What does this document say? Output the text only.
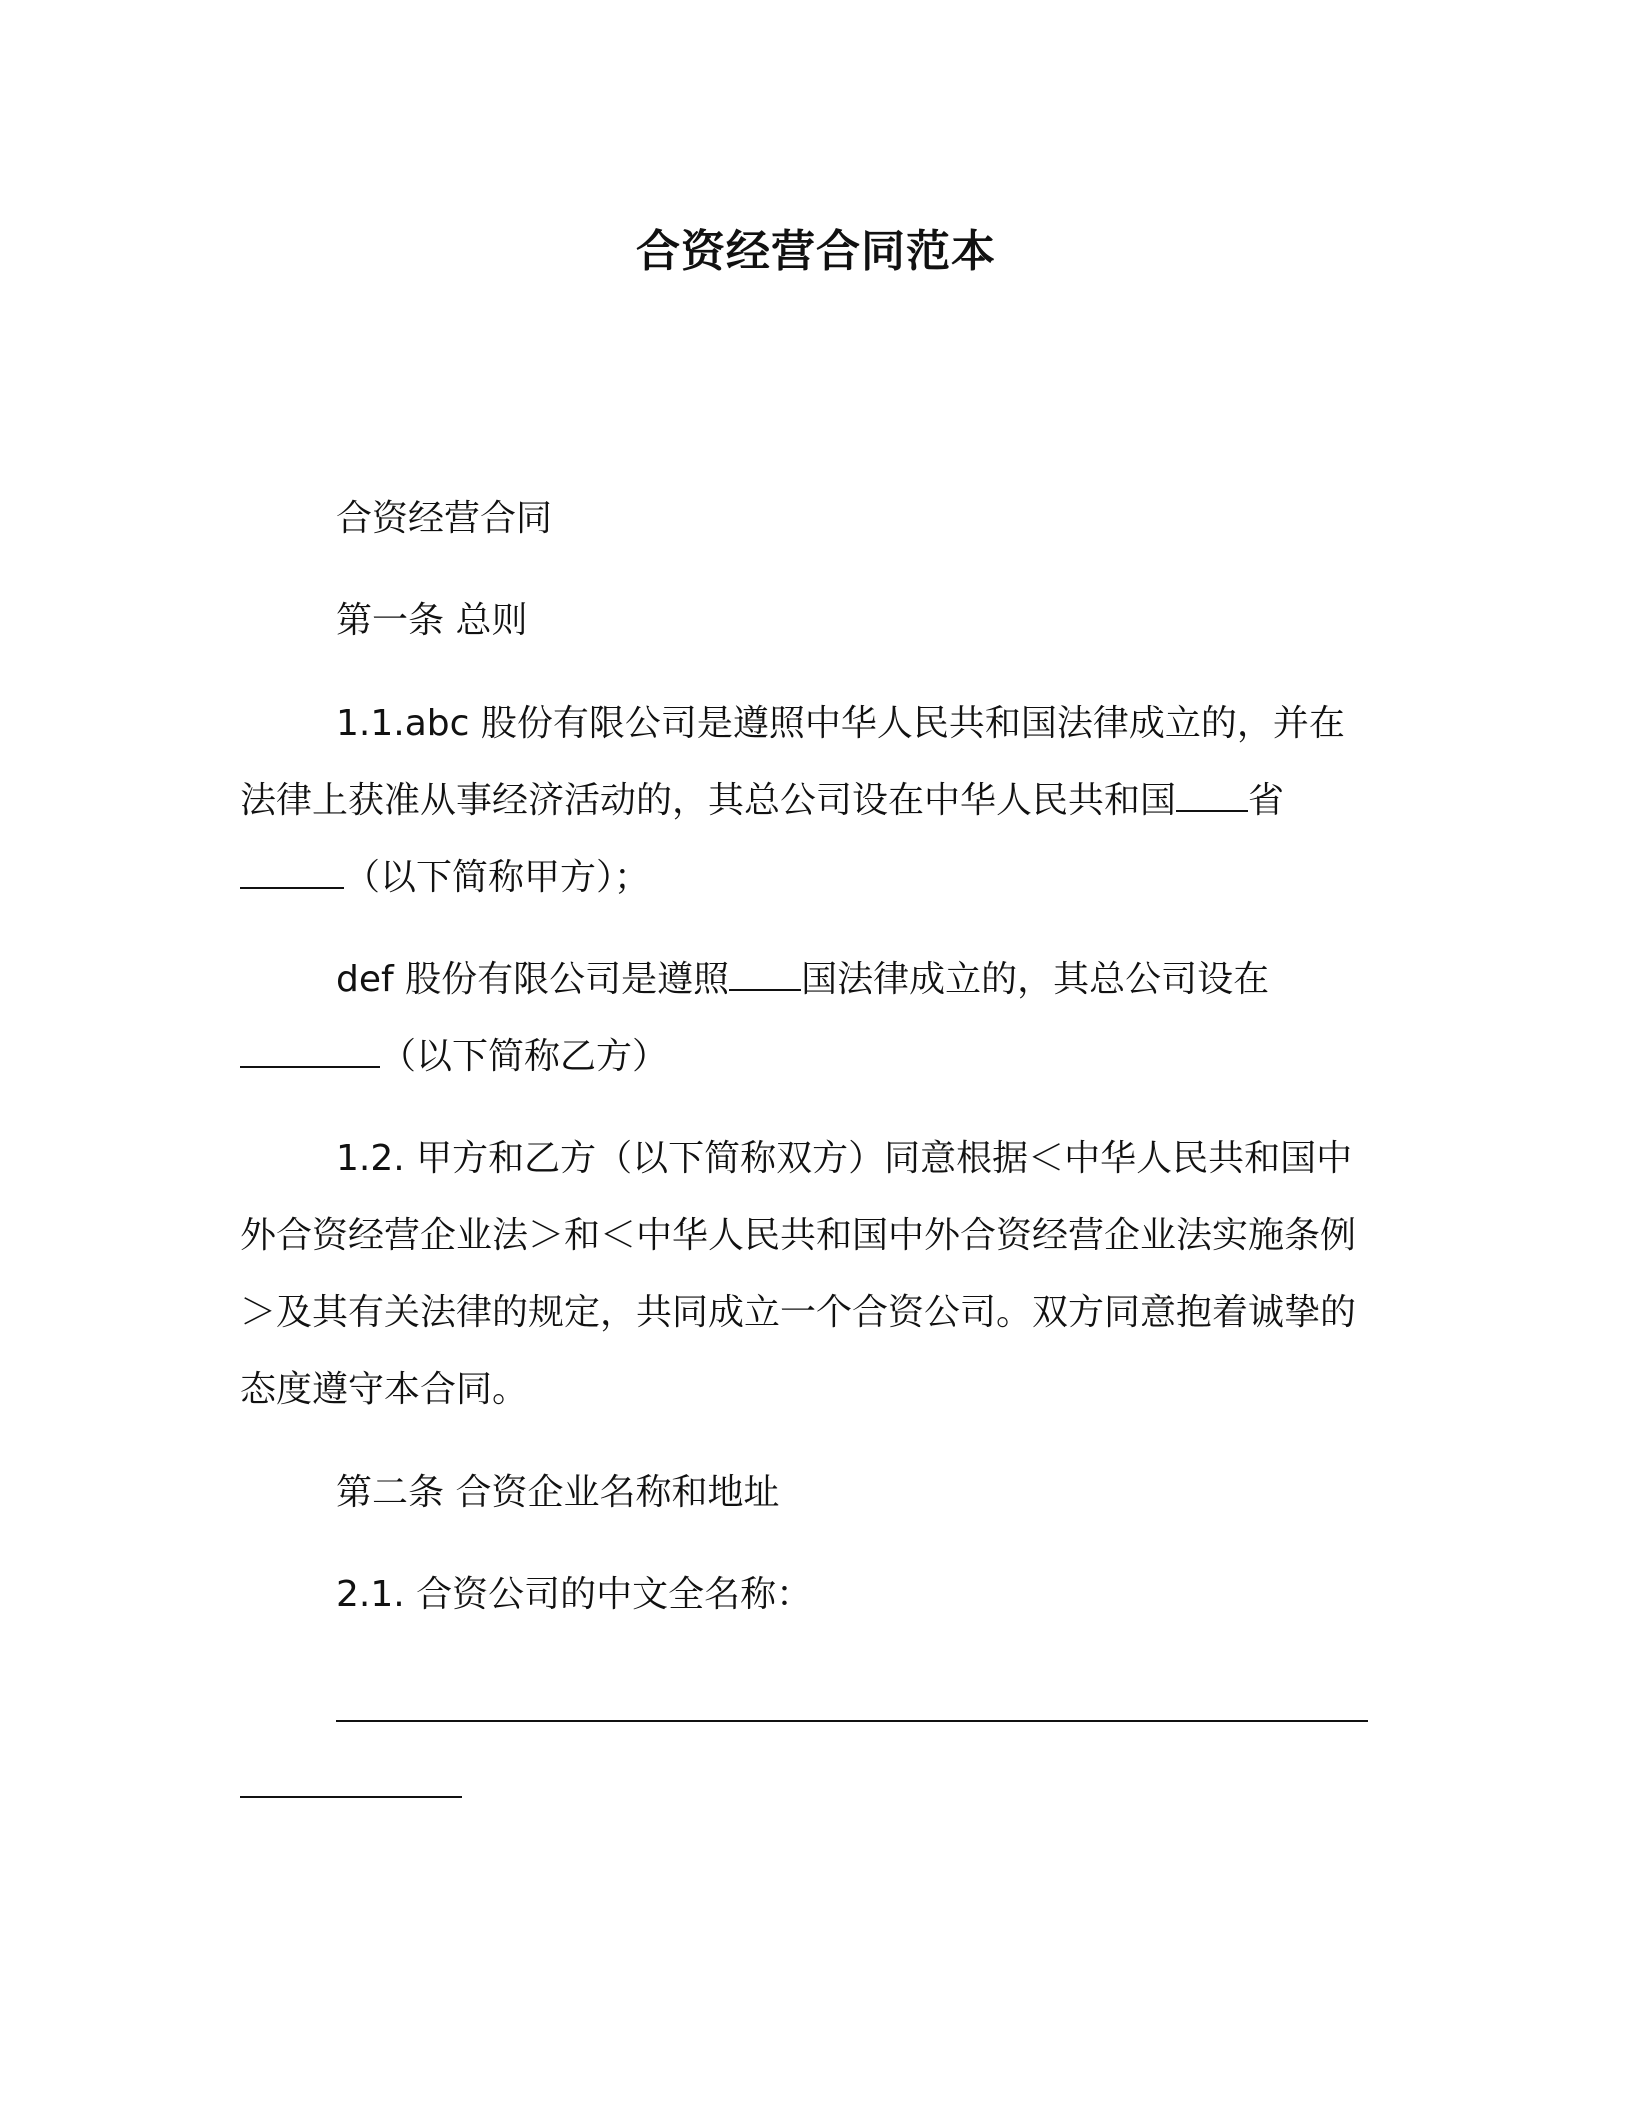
合资经营合同范本

合资经营合同

第一条 总则

1.1.abc 股份有限公司是遵照中华人民共和国法律成立的，并在法律上获准从事经济活动的，其总公司设在中华人民共和国 省（以下简称甲方）；

def 股份有限公司是遵照 国法律成立的，其总公司设在（以下简称乙方）

1.2. 甲方和乙方（以下简称双方）同意根据＜中华人民共和国中外合资经营企业法＞和＜中华人民共和国中外合资经营企业法实施条例＞及其有关法律的规定，共同成立一个合资公司。双方同意抱着诚挚的态度遵守本合同。

第二条 合资企业名称和地址

2.1. 合资公司的中文全名称：
